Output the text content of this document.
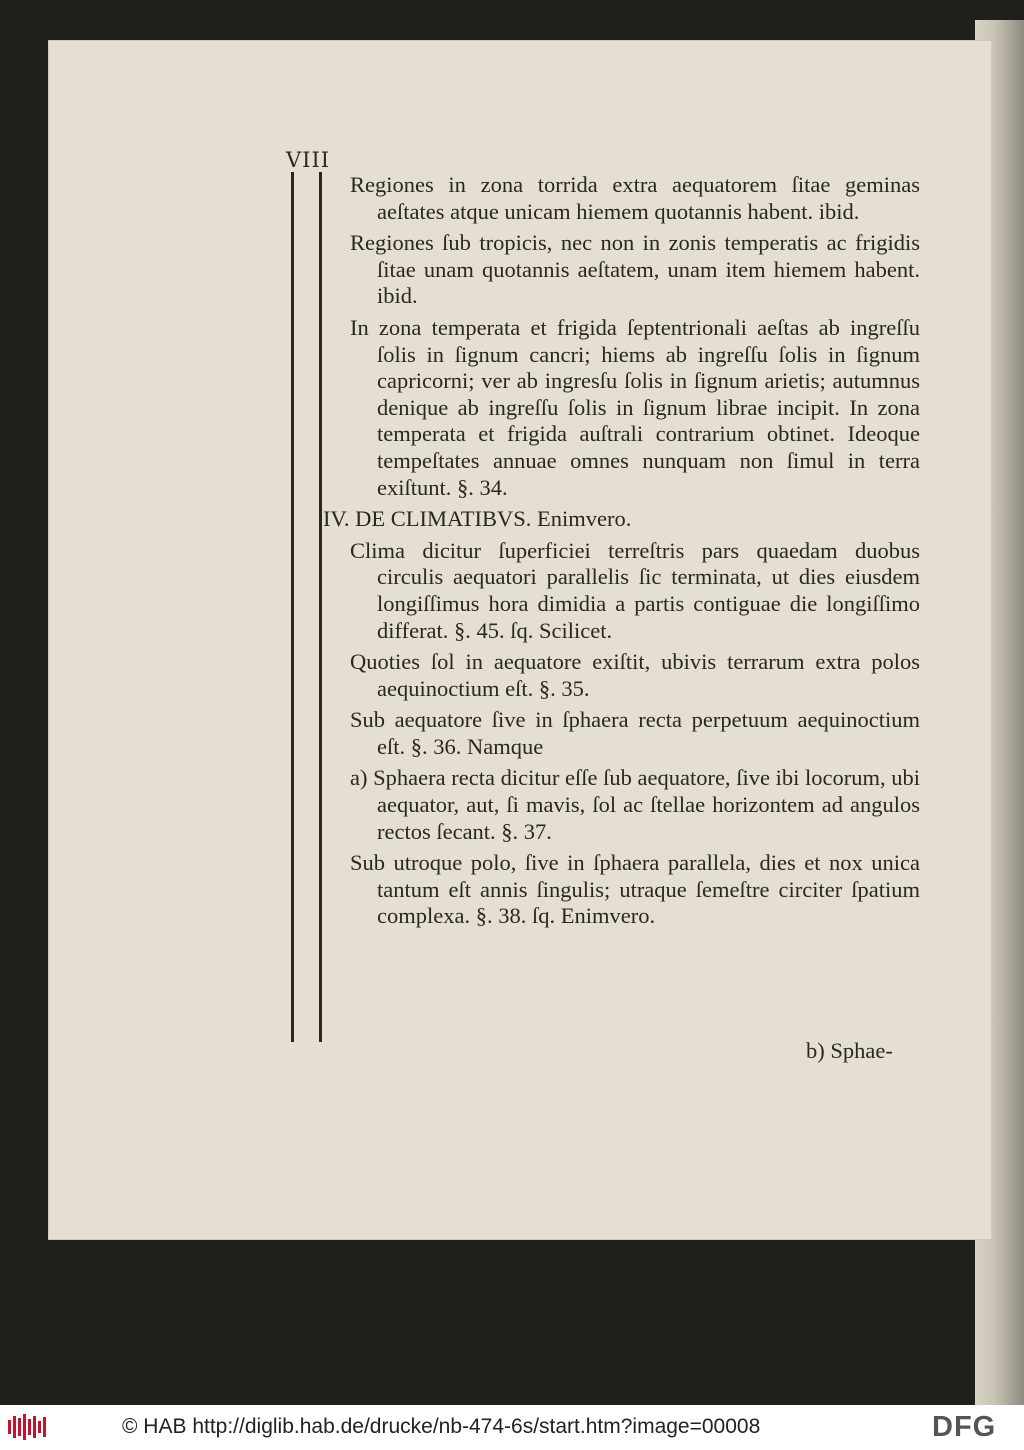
VIII

Regiones in zona torrida extra aequatorem ſitae geminas aeſtates atque unicam hiemem quotannis habent. ibid.

Regiones ſub tropicis, nec non in zonis temperatis ac frigidis ſitae unam quotannis aeſtatem, unam item hiemem habent. ibid.

In zona temperata et frigida ſeptentrionali aeſtas ab ingreſſu ſolis in ſignum cancri; hiems ab ingreſſu ſolis in ſignum capricorni; ver ab ingresſu ſolis in ſignum arietis; autumnus denique ab ingreſſu ſolis in ſignum librae incipit. In zona temperata et frigida auſtrali contrarium obtinet. Ideoque tempeſtates annuae omnes nunquam non ſimul in terra exiſtunt. §. 34.

IV. DE CLIMATIBVS. Enimvero.

Clima dicitur ſuperficiei terreſtris pars quaedam duobus circulis aequatori parallelis ſic terminata, ut dies eiusdem longiſſimus hora dimidia a partis contiguae die longiſſimo differat. §. 45. ſq. Scilicet.

Quoties ſol in aequatore exiſtit, ubivis terrarum extra polos aequinoctium eſt. §. 35.

Sub aequatore ſive in ſphaera recta perpetuum aequinoctium eſt. §. 36. Namque

a) Sphaera recta dicitur eſſe ſub aequatore, ſive ibi locorum, ubi aequator, aut, ſi mavis, ſol ac ſtellae horizontem ad angulos rectos ſecant. §. 37.

Sub utroque polo, ſive in ſphaera parallela, dies et nox unica tantum eſt annis ſingulis; utraque ſemeſtre circiter ſpatium complexa. §. 38. ſq. Enimvero.

b) Sphae-
© HAB http://diglib.hab.de/drucke/nb-474-6s/start.htm?image=00008	DFG
